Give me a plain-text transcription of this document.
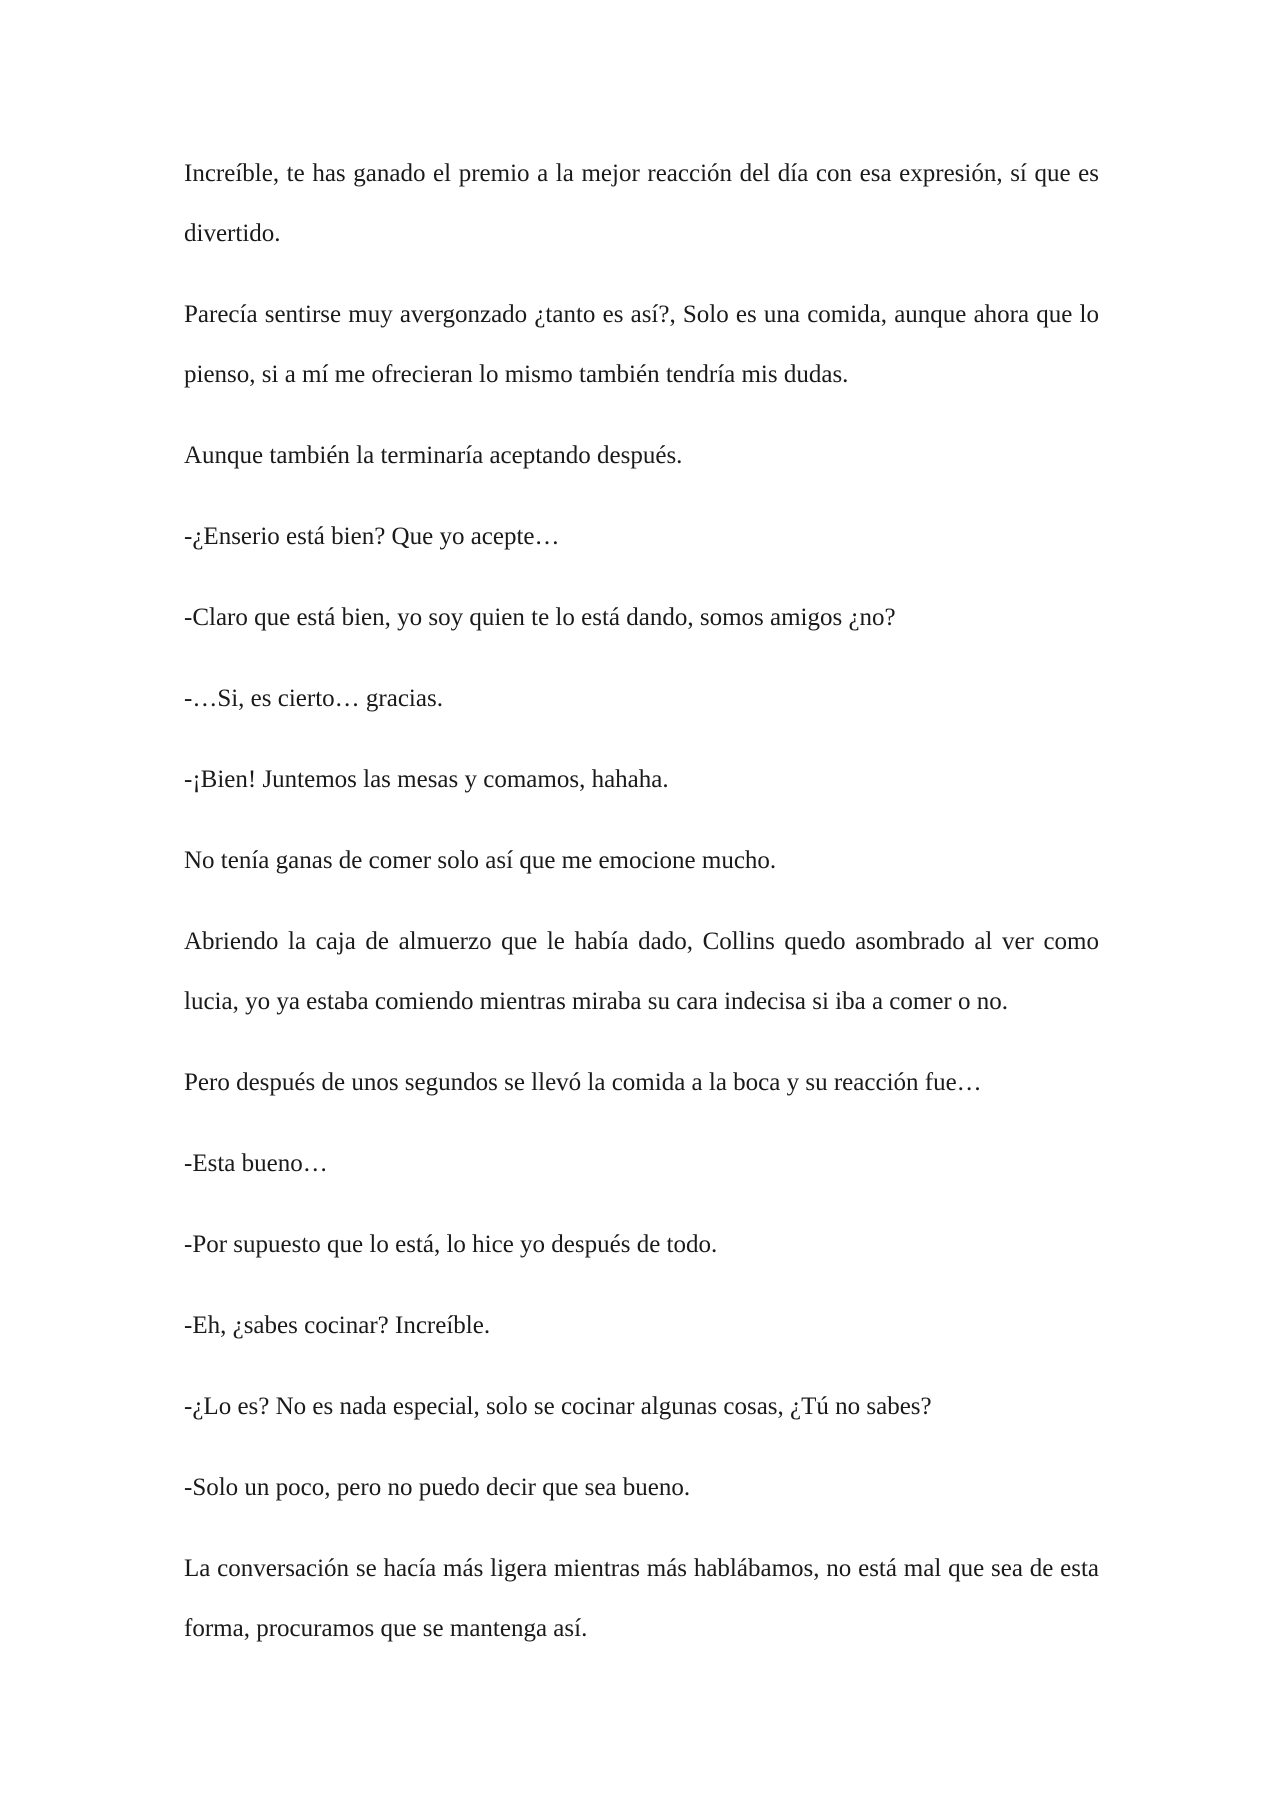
Increíble, te has ganado el premio a la mejor reacción del día con esa expresión, sí que es divertido.

Parecía sentirse muy avergonzado ¿tanto es así?, Solo es una comida, aunque ahora que lo pienso, si a mí me ofrecieran lo mismo también tendría mis dudas.

Aunque también la terminaría aceptando después.

-¿Enserio está bien? Que yo acepte…

-Claro que está bien, yo soy quien te lo está dando, somos amigos ¿no?

-…Si, es cierto… gracias.

-¡Bien! Juntemos las mesas y comamos, hahaha.

No tenía ganas de comer solo así que me emocione mucho.

Abriendo la caja de almuerzo que le había dado, Collins quedo asombrado al ver como lucia, yo ya estaba comiendo mientras miraba su cara indecisa si iba a comer o no.

Pero después de unos segundos se llevó la comida a la boca y su reacción fue…

-Esta bueno…

-Por supuesto que lo está, lo hice yo después de todo.

-Eh, ¿sabes cocinar? Increíble.

-¿Lo es? No es nada especial, solo se cocinar algunas cosas, ¿Tú no sabes?

-Solo un poco, pero no puedo decir que sea bueno.

La conversación se hacía más ligera mientras más hablábamos, no está mal que sea de esta forma, procuramos que se mantenga así.
